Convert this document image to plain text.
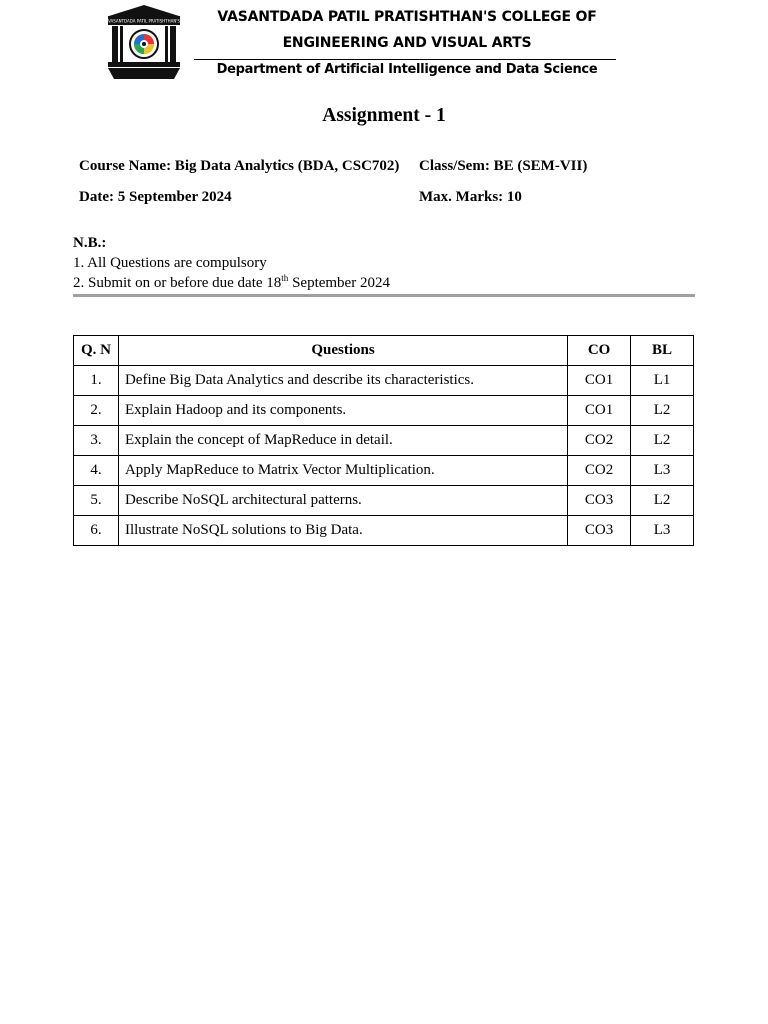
VASANTDADA PATIL PRATISHTHAN'S	VASANTDADA PATIL PRATISHTHAN'S COLLEGE OF
ENGINEERING AND VISUAL ARTS
Department of Artificial Intelligence and Data Science
Assignment - 1
Course Name: Big Data Analytics (BDA, CSC702) Class/Sem: BE (SEM-VII)
Date: 5 September 2024	Max. Marks: 10
N.B.:
1. All Questions are compulsory
2. Submit on or before due date 18th September 2024
Q. N	Questions	CO	BL
1.	Define Big Data Analytics and describe its characteristics.	CO1	L1
2.	Explain Hadoop and its components.	CO1	L2
3.	Explain the concept of MapReduce in detail.	CO2	L2
4.	Apply MapReduce to Matrix Vector Multiplication.	CO2	L3
5.	Describe NoSQL architectural patterns.	CO3	L2
6.	Illustrate NoSQL solutions to Big Data.	CO3	L3
